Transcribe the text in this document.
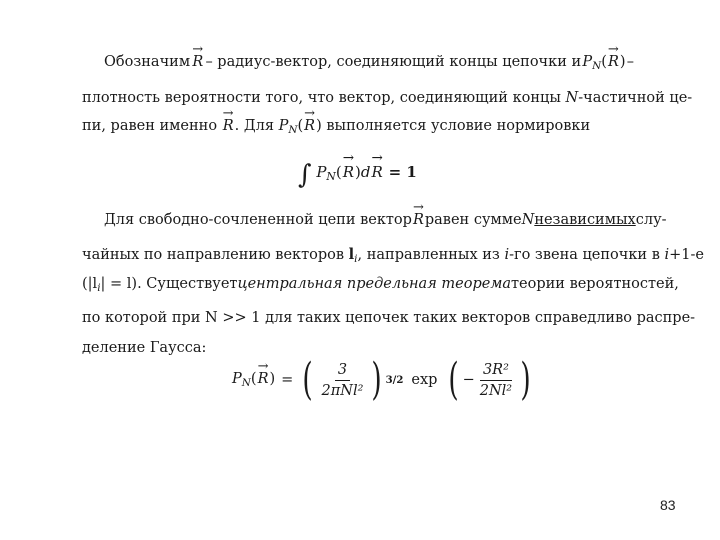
Обозначим → R – радиус-вектор, соединяющий концы цепочки и $P_N(\to R)$ –
плотность вероятности того, что вектор, соединяющий концы N-частичной це-
пи, равен именно → R. Для $P_N(\to R)$ выполняется условие нормировки
∫ $P_N(\to R)d\to R = 1$
Для свободно-сочлененной цепи вектор → R равен сумме N независимых слу-
чайных по направлению векторов $l_i$, направленных из i-го звена цепочки в i+1-е
$(|l_i| = l)$. Существует центральная предельная теорема теории вероятностей,
по которой при N >> 1 для таких цепочек таких векторов справедливо распре-
деление Гаусса:
$P_N(\to R)$ = ( $\frac{3}{\text{2πNl²}}$ ) 3/2 exp ( − $\frac{\text{3R²}}{\text{2Nl²}}$ )
83
